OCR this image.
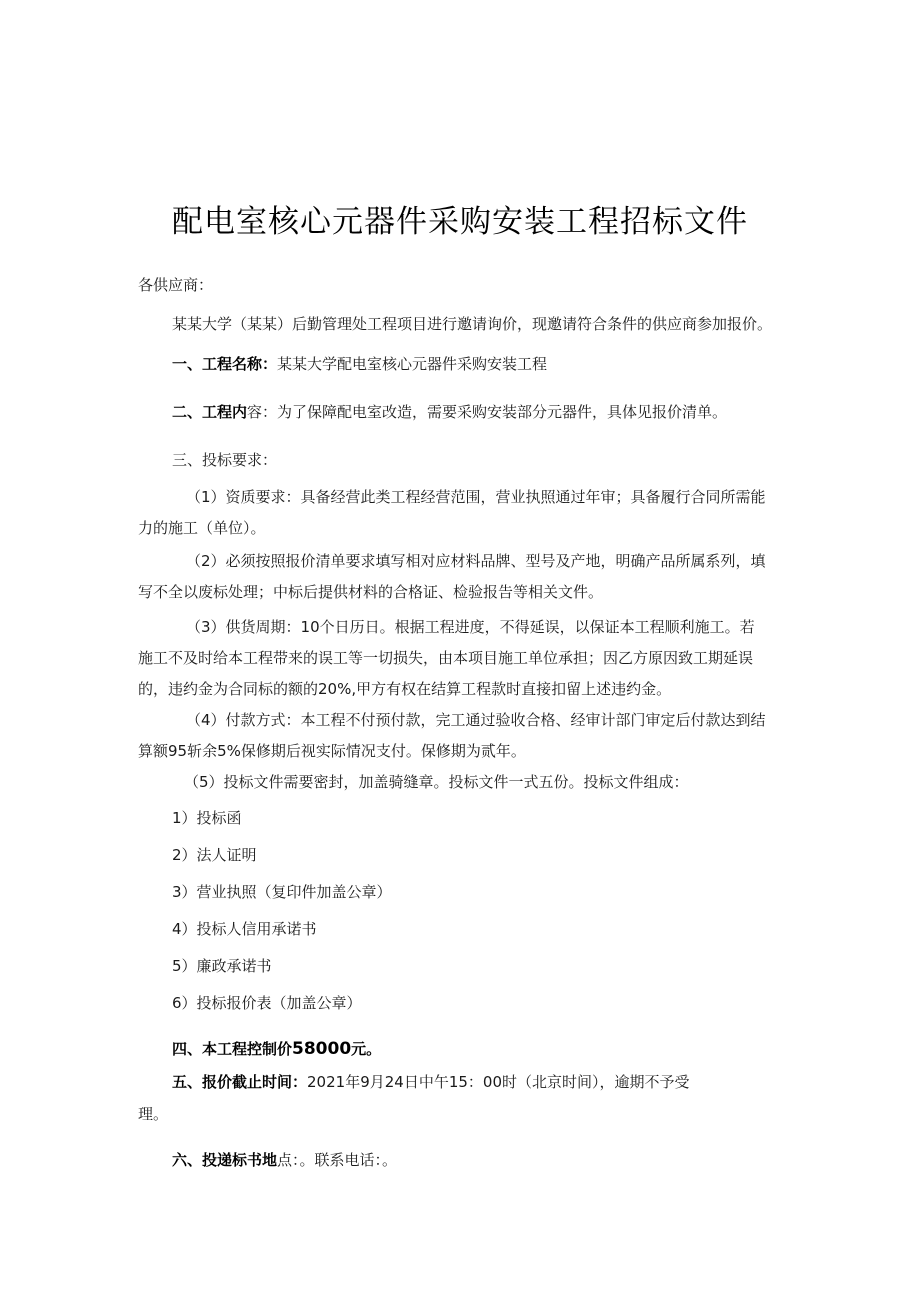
配电室核心元器件采购安装工程招标文件
各供应商：
某某大学（某某）后勤管理处工程项目进行邀请询价，现邀请符合条件的供应商参加报价。
一、工程名称：某某大学配电室核心元器件采购安装工程
二、工程内容：为了保障配电室改造，需要采购安装部分元器件，具体见报价清单。
三、投标要求：
（1）资质要求：具备经营此类工程经营范围，营业执照通过年审；具备履行合同所需能
力的施工（单位）。
（2）必须按照报价清单要求填写相对应材料品牌、型号及产地，明确产品所属系列，填
写不全以废标处理；中标后提供材料的合格证、检验报告等相关文件。
（3）供货周期：10个日历日。根据工程进度，不得延误，以保证本工程顺利施工。若
施工不及时给本工程带来的误工等一切损失，由本项目施工单位承担；因乙方原因致工期延误
的，违约金为合同标的额的20%,甲方有权在结算工程款时直接扣留上述违约金。
（4）付款方式：本工程不付预付款，完工通过验收合格、经审计部门审定后付款达到结
算额95斩余5%保修期后视实际情况支付。保修期为贰年。
（5）投标文件需要密封，加盖骑缝章。投标文件一式五份。投标文件组成：
1）投标函
2）法人证明
3）营业执照（复印件加盖公章）
4）投标人信用承诺书
5）廉政承诺书
6）投标报价表（加盖公章）
四、本工程控制价58000元。
五、报价截止时间：2021年9月24日中午15：00时（北京时间），逾期不予受
理。
六、投递标书地点：。联系电话：。
